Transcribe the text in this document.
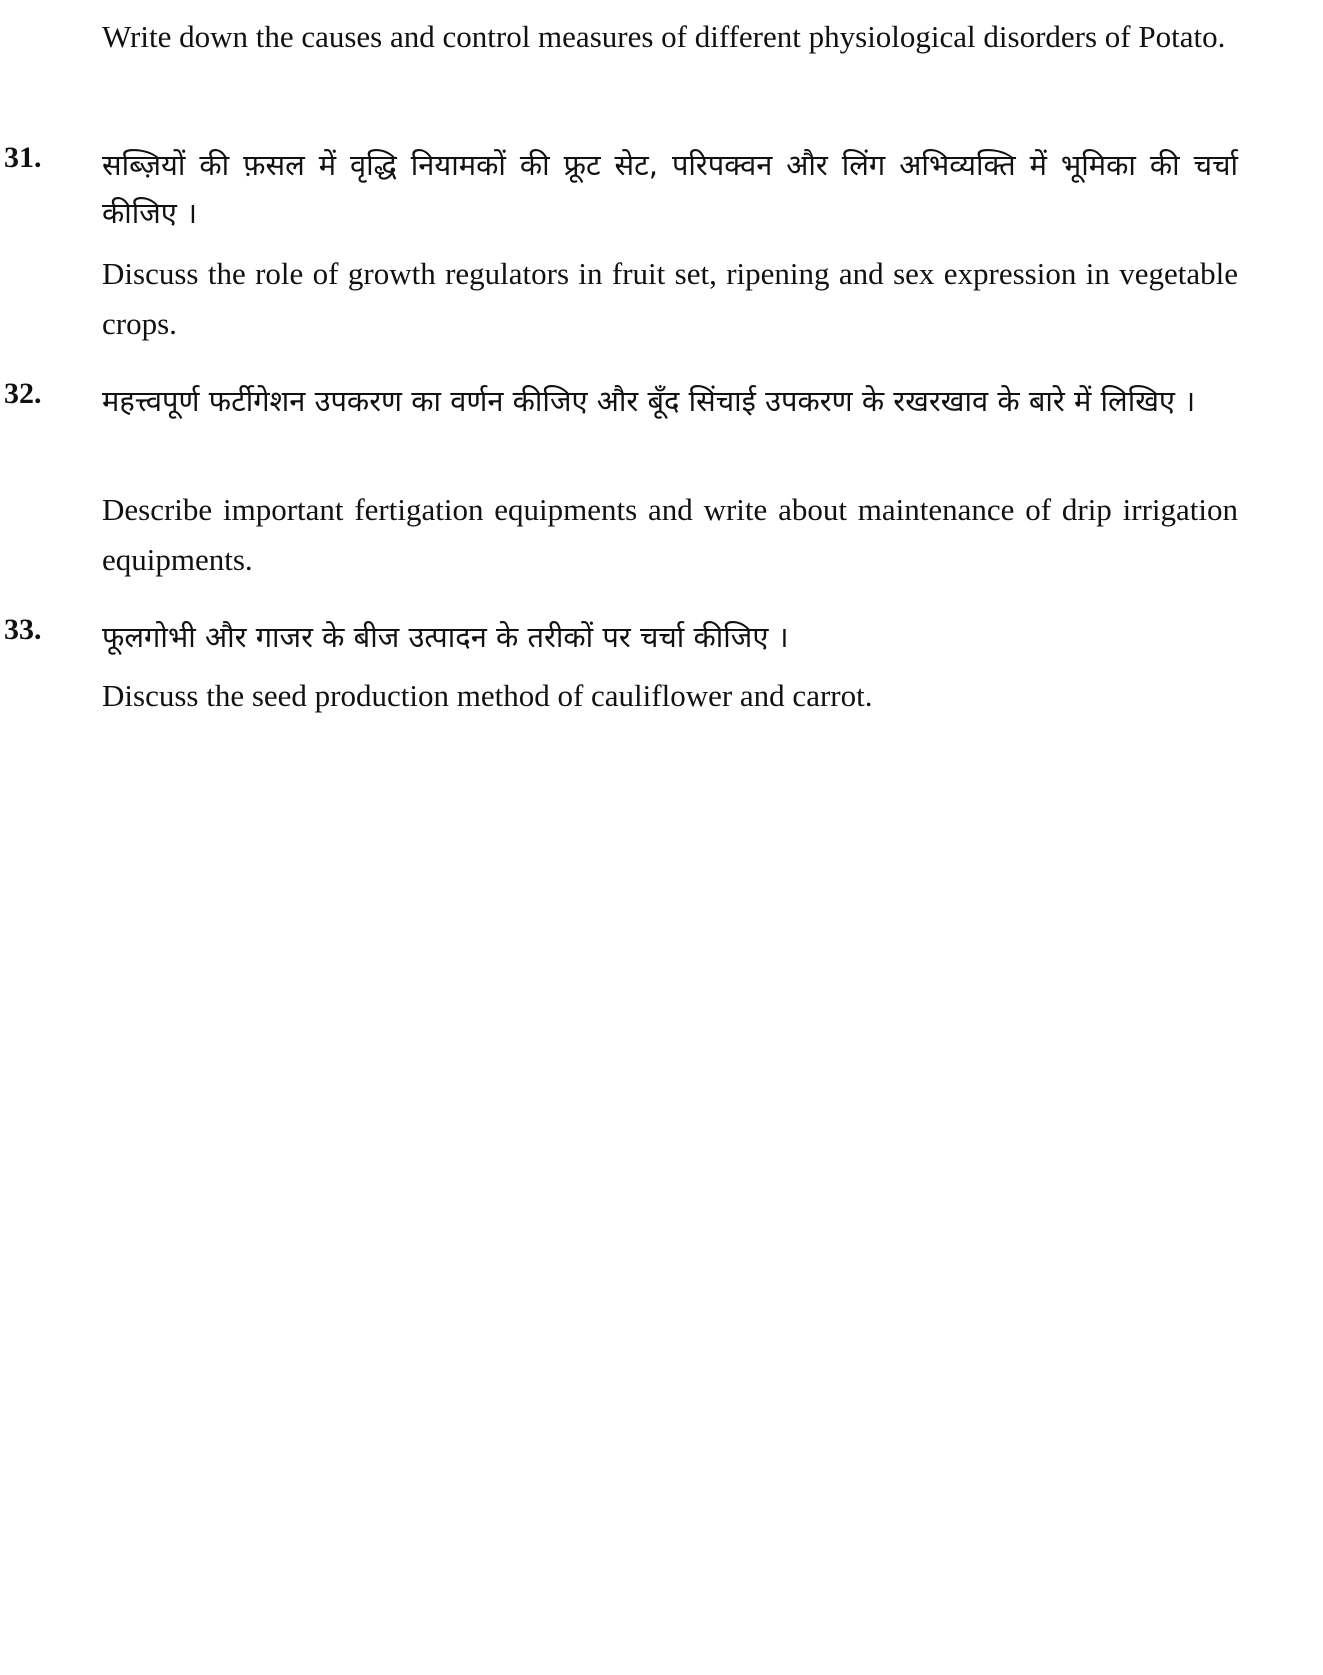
Write down the causes and control measures of different physiological disorders of Potato.
31. सब्ज़ियों की फ़सल में वृद्धि नियामकों की फ्रूट सेट, परिपक्वन और लिंग अभिव्यक्ति में भूमिका की चर्चा कीजिए ।
Discuss the role of growth regulators in fruit set, ripening and sex expression in vegetable crops.
32. महत्त्वपूर्ण फर्टीगेशन उपकरण का वर्णन कीजिए और बूँद सिंचाई उपकरण के रखरखाव के बारे में लिखिए ।
Describe important fertigation equipments and write about maintenance of drip irrigation equipments.
33. फूलगोभी और गाजर के बीज उत्पादन के तरीकों पर चर्चा कीजिए ।
Discuss the seed production method of cauliflower and carrot.
